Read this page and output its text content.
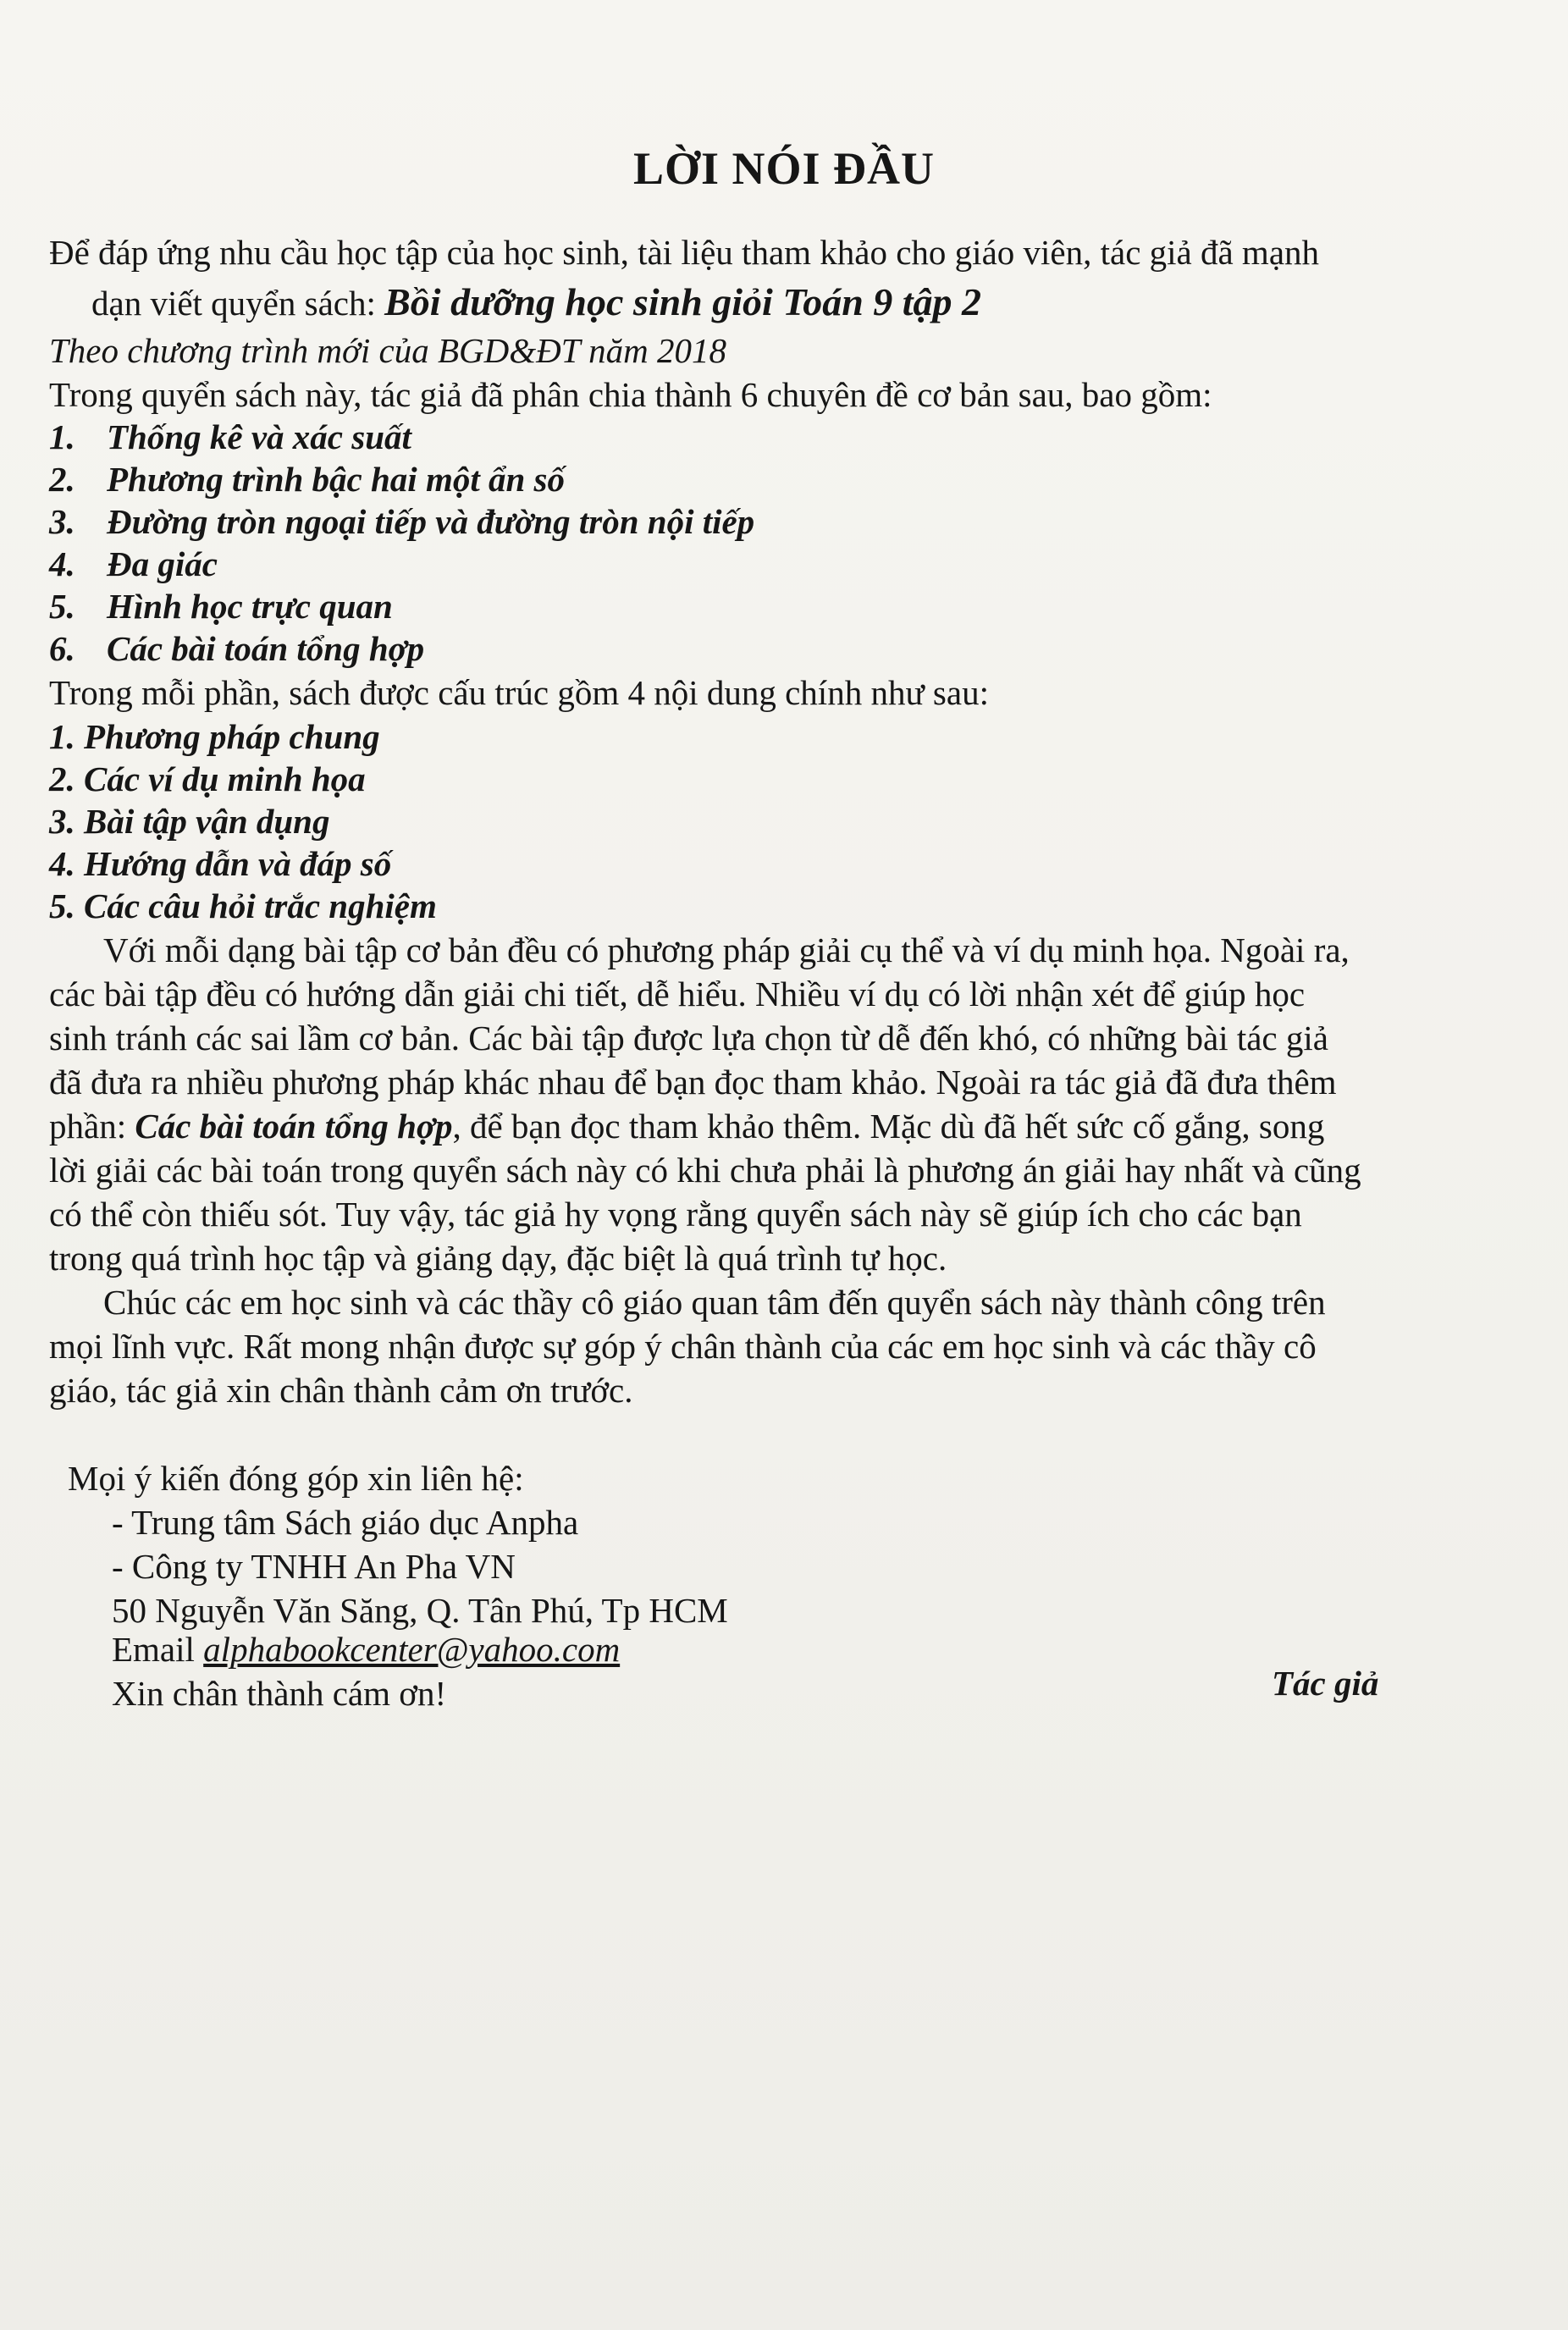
LỜI NÓI ĐẦU
Để đáp ứng nhu cầu học tập của học sinh, tài liệu tham khảo cho giáo viên, tác giả đã mạnh
dạn viết quyển sách: Bồi dưỡng học sinh giỏi Toán 9 tập 2
Theo chương trình mới của BGD&ĐT năm 2018
Trong quyển sách này, tác giả đã phân chia thành 6 chuyên đề cơ bản sau, bao gồm:
1. Thống kê và xác suất
2. Phương trình bậc hai một ẩn số
3. Đường tròn ngoại tiếp và đường tròn nội tiếp
4. Đa giác
5. Hình học trực quan
6. Các bài toán tổng hợp
Trong mỗi phần, sách được cấu trúc gồm 4 nội dung chính như sau:
1. Phương pháp chung
2. Các ví dụ minh họa
3. Bài tập vận dụng
4. Hướng dẫn và đáp số
5. Các câu hỏi trắc nghiệm
Với mỗi dạng bài tập cơ bản đều có phương pháp giải cụ thể và ví dụ minh họa. Ngoài ra,
các bài tập đều có hướng dẫn giải chi tiết, dễ hiểu. Nhiều ví dụ có lời nhận xét để giúp học
sinh tránh các sai lầm cơ bản. Các bài tập được lựa chọn từ dễ đến khó, có những bài tác giả
đã đưa ra nhiều phương pháp khác nhau để bạn đọc tham khảo. Ngoài ra tác giả đã đưa thêm
phần: Các bài toán tổng hợp, để bạn đọc tham khảo thêm. Mặc dù đã hết sức cố gắng, song
lời giải các bài toán trong quyển sách này có khi chưa phải là phương án giải hay nhất và cũng
có thể còn thiếu sót. Tuy vậy, tác giả hy vọng rằng quyển sách này sẽ giúp ích cho các bạn
trong quá trình học tập và giảng dạy, đặc biệt là quá trình tự học.
Chúc các em học sinh và các thầy cô giáo quan tâm đến quyển sách này thành công trên
mọi lĩnh vực. Rất mong nhận được sự góp ý chân thành của các em học sinh và các thầy cô
giáo, tác giả xin chân thành cảm ơn trước.
Mọi ý kiến đóng góp xin liên hệ:
- Trung tâm Sách giáo dục Anpha
- Công ty TNHH An Pha VN
50 Nguyễn Văn Săng, Q. Tân Phú, Tp HCM
Email alphabookcenter@yahoo.com
Xin chân thành cám ơn!	Tác giả
